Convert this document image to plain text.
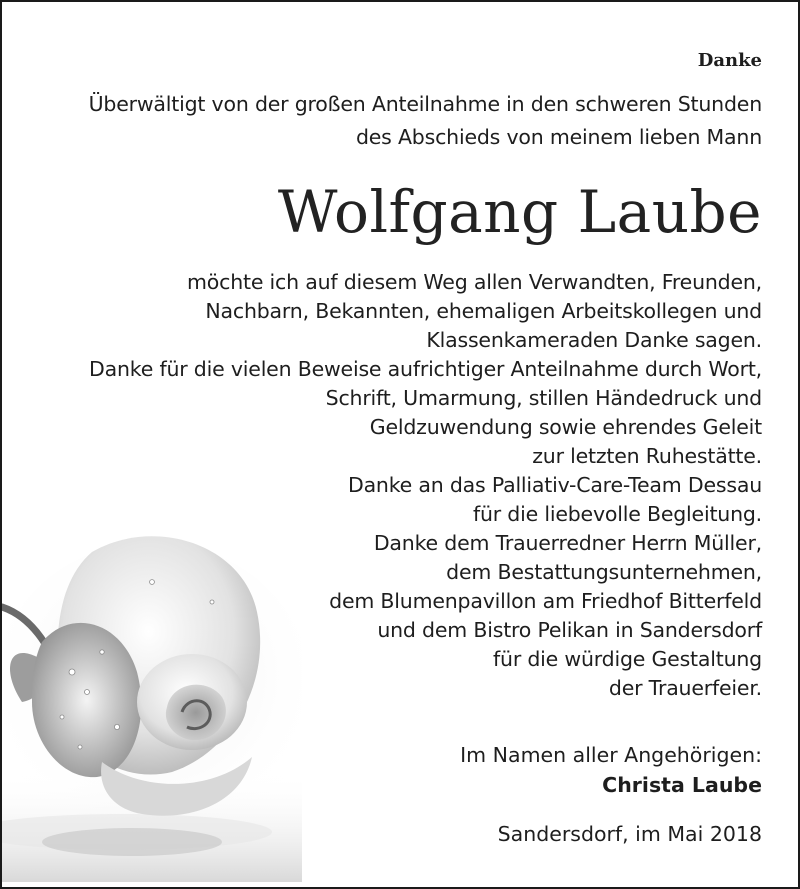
Danke
Überwältigt von der großen Anteilnahme in den schweren Stunden
des Abschieds von meinem lieben Mann
Wolfgang Laube
möchte ich auf diesem Weg allen Verwandten, Freunden,
Nachbarn, Bekannten, ehemaligen Arbeitskollegen und
Klassenkameraden Danke sagen.
Danke für die vielen Beweise aufrichtiger Anteilnahme durch Wort,
Schrift, Umarmung, stillen Händedruck und
Geldzuwendung sowie ehrendes Geleit
zur letzten Ruhestätte.
Danke an das Palliativ-Care-Team Dessau
für die liebevolle Begleitung.
Danke dem Trauerredner Herrn Müller,
dem Bestattungsunternehmen,
dem Blumenpavillon am Friedhof Bitterfeld
und dem Bistro Pelikan in Sandersdorf
für die würdige Gestaltung
der Trauerfeier.
Im Namen aller Angehörigen:
Christa Laube
Sandersdorf, im Mai 2018
